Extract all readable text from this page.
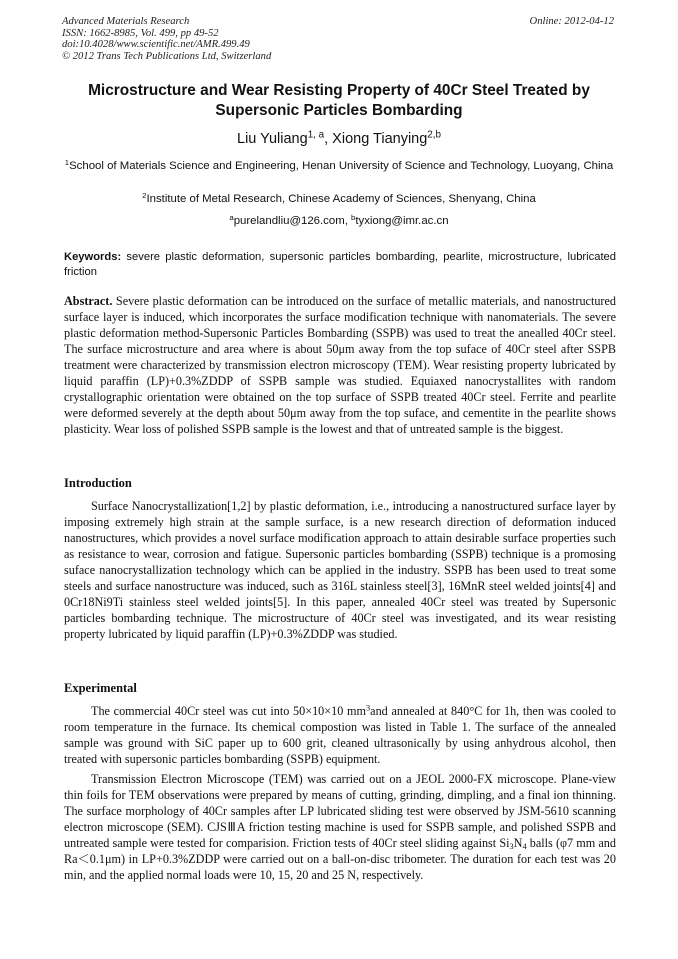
Advanced Materials Research
ISSN: 1662-8985, Vol. 499, pp 49-52
doi:10.4028/www.scientific.net/AMR.499.49
© 2012 Trans Tech Publications Ltd, Switzerland
Online: 2012-04-12
Microstructure and Wear Resisting Property of 40Cr Steel Treated by Supersonic Particles Bombarding
Liu Yuliang$^{1, a}$, Xiong Tianying$^{2,b}$
$^1$School of Materials Science and Engineering, Henan University of Science and Technology, Luoyang, China
$^2$Institute of Metal Research, Chinese Academy of Sciences, Shenyang, China
$^a$purelandliu@126.com, $^b$tyxiong@imr.ac.cn
Keywords: severe plastic deformation, supersonic particles bombarding, pearlite, microstructure, lubricated friction
Abstract. Severe plastic deformation can be introduced on the surface of metallic materials, and nanostructured surface layer is induced, which incorporates the surface modification technique with nanomaterials. The severe plastic deformation method-Supersonic Particles Bombarding (SSPB) was used to treat the anealled 40Cr steel. The surface microstructure and area where is about 50μm away from the top suface of 40Cr steel after SSPB treatment were characterized by transmission electron microscopy (TEM). Wear resisting property lubricated by liquid paraffin (LP)+0.3%ZDDP of SSPB sample was studied. Equiaxed nanocrystallites with random crystallographic orientation were obtained on the top surface of SSPB treated 40Cr steel. Ferrite and pearlite were deformed severely at the depth about 50μm away from the top suface, and cementite in the pearlite shows plasticity. Wear loss of polished SSPB sample is the lowest and that of untreated sample is the biggest.
Introduction
Surface Nanocrystallization[1,2] by plastic deformation, i.e., introducing a nanostructured surface layer by imposing extremely high strain at the sample surface, is a new research direction of deformation induced nanostructures, which provides a novel surface modification approach to attain desirable surface properties such as resistance to wear, corrosion and fatigue. Supersonic particles bombarding (SSPB) technique is a promosing suface nanocrystallization technology which can be applied in the industry. SSPB has been used to treat some steels and surface nanostructure was induced, such as 316L stainless steel[3], 16MnR steel welded joints[4] and 0Cr18Ni9Ti stainless steel welded joints[5]. In this paper, annealed 40Cr steel was treated by Supersonic particles bombarding technique. The microstructure of 40Cr steel was investigated, and its wear resisting property lubricated by liquid paraffin (LP)+0.3%ZDDP was studied.
Experimental
The commercial 40Cr steel was cut into 50×10×10 $mm^3and$ annealed at 840°C for 1h, then was cooled to room temperature in the furnace. Its chemical compostion was listed in Table 1. The surface of the annealed sample was ground with SiC paper up to 600 grit, cleaned ultrasonically by using anhydrous alcohol, then treated with supersonic particles bombarding (SSPB) equipment.
Transmission Electron Microscope (TEM) was carried out on a JEOL 2000-FX microscope. Plane-view thin foils for TEM observations were prepared by means of cutting, grinding, dimpling, and a final ion thinning. The surface morphology of 40Cr samples after LP lubricated sliding test were observed by JSM-5610 scanning electron microscope (SEM). CJSⅢA friction testing machine is used for SSPB sample, and polished SSPB and untreated sample were tested for comparision. Friction tests of 40Cr steel sliding against $Si_3N_4$ balls (φ7 mm and Ra＜0.1μm) in LP+0.3%ZDDP were carried out on a ball-on-disc tribometer. The duration for each test was 20 min, and the applied normal loads were 10, 15, 20 and 25 N, respectively.
